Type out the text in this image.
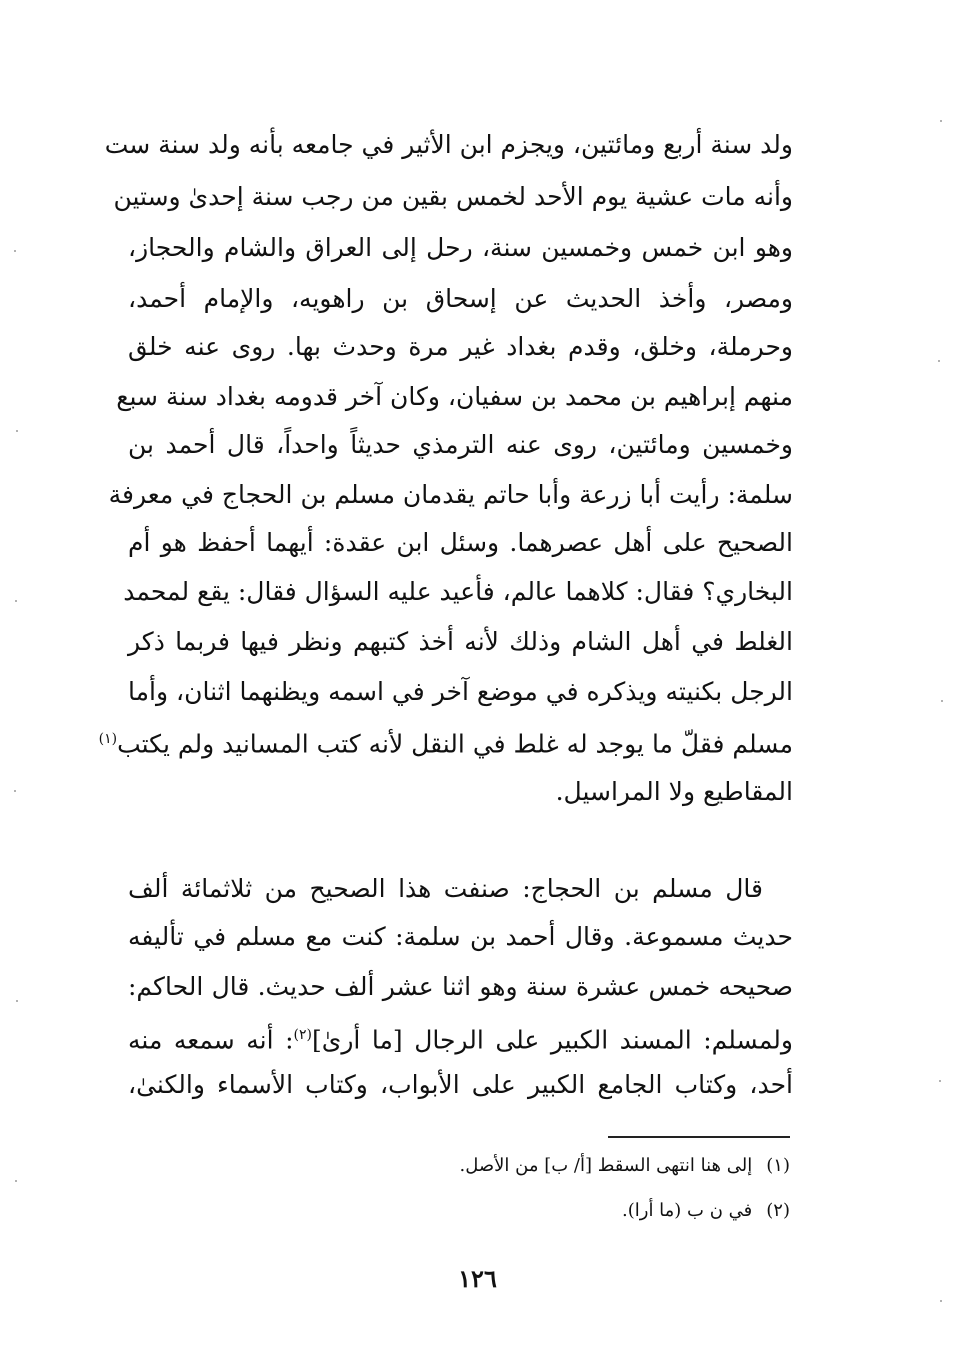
ولد سنة أربع ومائتين، ويجزم ابن الأثير في جامعه بأنه ولد سنة ست
وأنه مات عشية يوم الأحد لخمس بقين من رجب سنة إحدىٰ وستين
وهو ابن خمس وخمسين سنة، رحل إلى العراق والشام والحجاز،
ومصر، وأخذ الحديث عن إسحاق بن راهويه، والإمام أحمد،
وحرملة، وخلق، وقدم بغداد غير مرة وحدث بها. روى عنه خلق
منهم إبراهيم بن محمد بن سفيان، وكان آخر قدومه بغداد سنة سبع
وخمسين ومائتين، روى عنه الترمذي حديثاً واحداً، قال أحمد بن
سلمة: رأيت أبا زرعة وأبا حاتم يقدمان مسلم بن الحجاج في معرفة
الصحيح على أهل عصرهما. وسئل ابن عقدة: أيهما أحفظ هو أم
البخاري؟ فقال: كلاهما عالم، فأعيد عليه السؤال فقال: يقع لمحمد
الغلط في أهل الشام وذلك لأنه أخذ كتبهم ونظر فيها فربما ذكر
الرجل بكنيته ويذكره في موضع آخر في اسمه ويظنهما اثنان، وأما
مسلم فقلّ ما يوجد له غلط في النقل لأنه كتب المسانيد ولم يكتب$^{(١)}$
المقاطيع ولا المراسيل.
قال مسلم بن الحجاج: صنفت هذا الصحيح من ثلاثمائة ألف
حديث مسموعة. وقال أحمد بن سلمة: كنت مع مسلم في تأليفه
صحيحه خمس عشرة سنة وهو اثنا عشر ألف حديث. قال الحاكم:
ولمسلم: المسند الكبير على الرجال [ما أرىٰ]$^{(٢)}$: أنه سمعه منه
أحد، وكتاب الجامع الكبير على الأبواب، وكتاب الأسماء والكنىٰ،
(١)إلى هنا انتهى السقط [أ/ ب] من الأصل.
(٢)في ن ب (ما أرا).
١٢٦
